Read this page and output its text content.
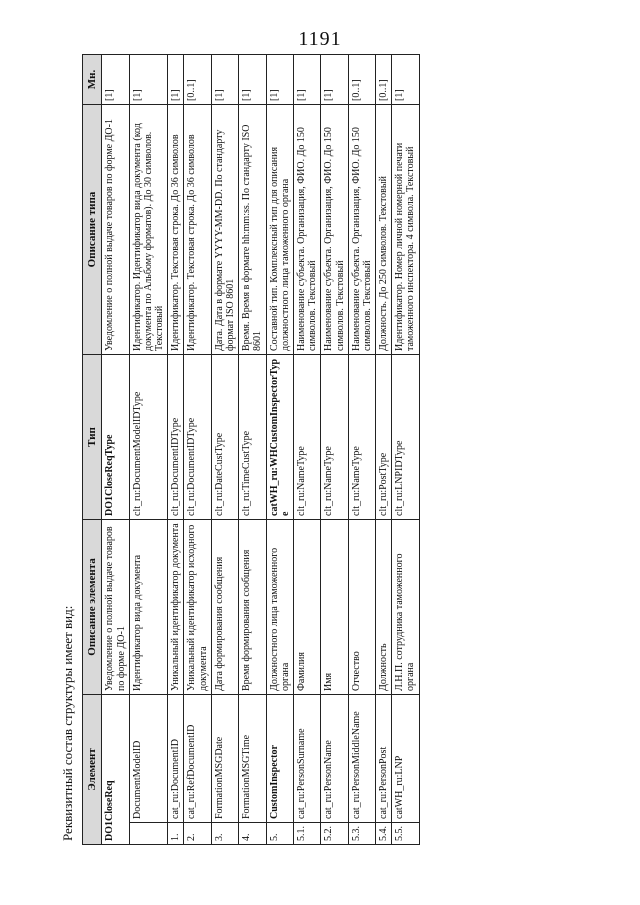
1191
Реквизитный состав структуры имеет вид: Элемент		Описание элемента	Тип	Описание типа	Мн.
DO1CloseReq		Уведомление о полной выдаче товаров по форме ДО-1	DO1CloseReqType	Уведомление о полной выдаче товаров по форме ДО-1	[1]
	DocumentModelID	Идентификатор вида документа	clt_ru:DocumentModelIDType	Идентификатор. Идентификатор вида документа (код документа по Альбому форматов). До 30 символов. Текстовый	[1]
1.	cat_ru:DocumentID	Уникальный идентификатор документа	clt_ru:DocumentIDType	Идентификатор. Текстовая строка. До 36 символов	[1]
2.	cat_ru:RefDocumentID	Уникальный идентификатор исходного документа	clt_ru:DocumentIDType	Идентификатор. Текстовая строка. До 36 символов	[0..1]
3.	FormationMSGDate	Дата формирования сообщения	clt_ru:DateCustType	Дата. Дата в формате YYYY-MM-DD. По стандарту формат ISO 8601	[1]
4.	FormationMSGTime	Время формирования сообщения	clt_ru:TimeCustType	Время. Время в формате hh:mm:ss. По стандарту ISO 8601	[1]
5.	CustomInspector	Должностного лица таможенного органа	catWH_ru:WHCustomInspectorType	Составной тип. Комплексный тип для описания должностного лица таможенного органа	[1]
5.1.	cat_ru:PersonSurname	Фамилия	clt_ru:NameType	Наименование субъекта. Организация, ФИО. До 150 символов. Текстовый	[1]
5.2.	cat_ru:PersonName	Имя	clt_ru:NameType	Наименование субъекта. Организация, ФИО. До 150 символов. Текстовый	[1]
5.3.	cat_ru:PersonMiddleName	Отчество	clt_ru:NameType	Наименование субъекта. Организация, ФИО. До 150 символов. Текстовый	[0..1]
5.4.	cat_ru:PersonPost	Должность	clt_ru:PostType	Должность. До 250 символов. Текстовый	[0..1]
5.5.	catWH_ru:LNP	Л.Н.П. сотрудника таможенного органа	clt_ru:LNPIDType	Идентификатор. Номер личной номерной печати таможенного инспектора. 4 символа. Текстовый	[1]
